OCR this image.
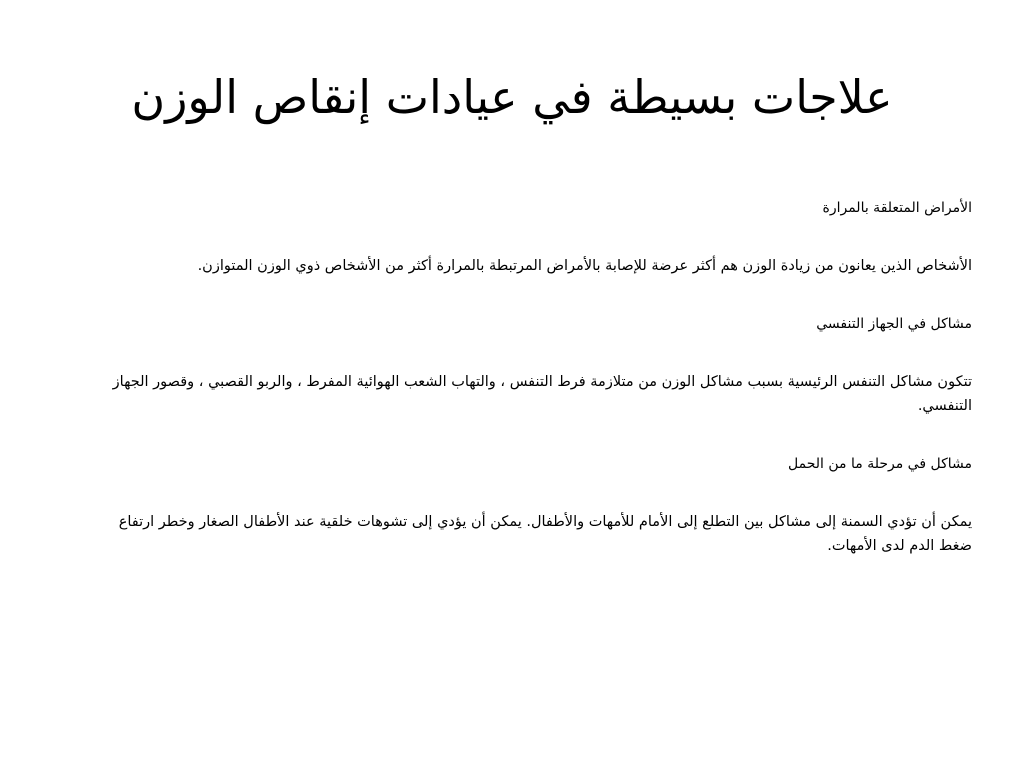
علاجات بسيطة في عيادات إنقاص الوزن

الأمراض المتعلقة بالمرارة

الأشخاص الذين يعانون من زيادة الوزن هم أكثر عرضة للإصابة بالأمراض المرتبطة بالمرارة أكثر من الأشخاص ذوي الوزن المتوازن.

مشاكل في الجهاز التنفسي

تتكون مشاكل التنفس الرئيسية بسبب مشاكل الوزن من متلازمة فرط التنفس ، والتهاب الشعب الهوائية المفرط ، والربو القصبي ، وقصور الجهاز التنفسي.

مشاكل في مرحلة ما من الحمل

يمكن أن تؤدي السمنة إلى مشاكل بين التطلع إلى الأمام للأمهات والأطفال. يمكن أن يؤدي إلى تشوهات خلقية عند الأطفال الصغار وخطر ارتفاع ضغط الدم لدى الأمهات.
